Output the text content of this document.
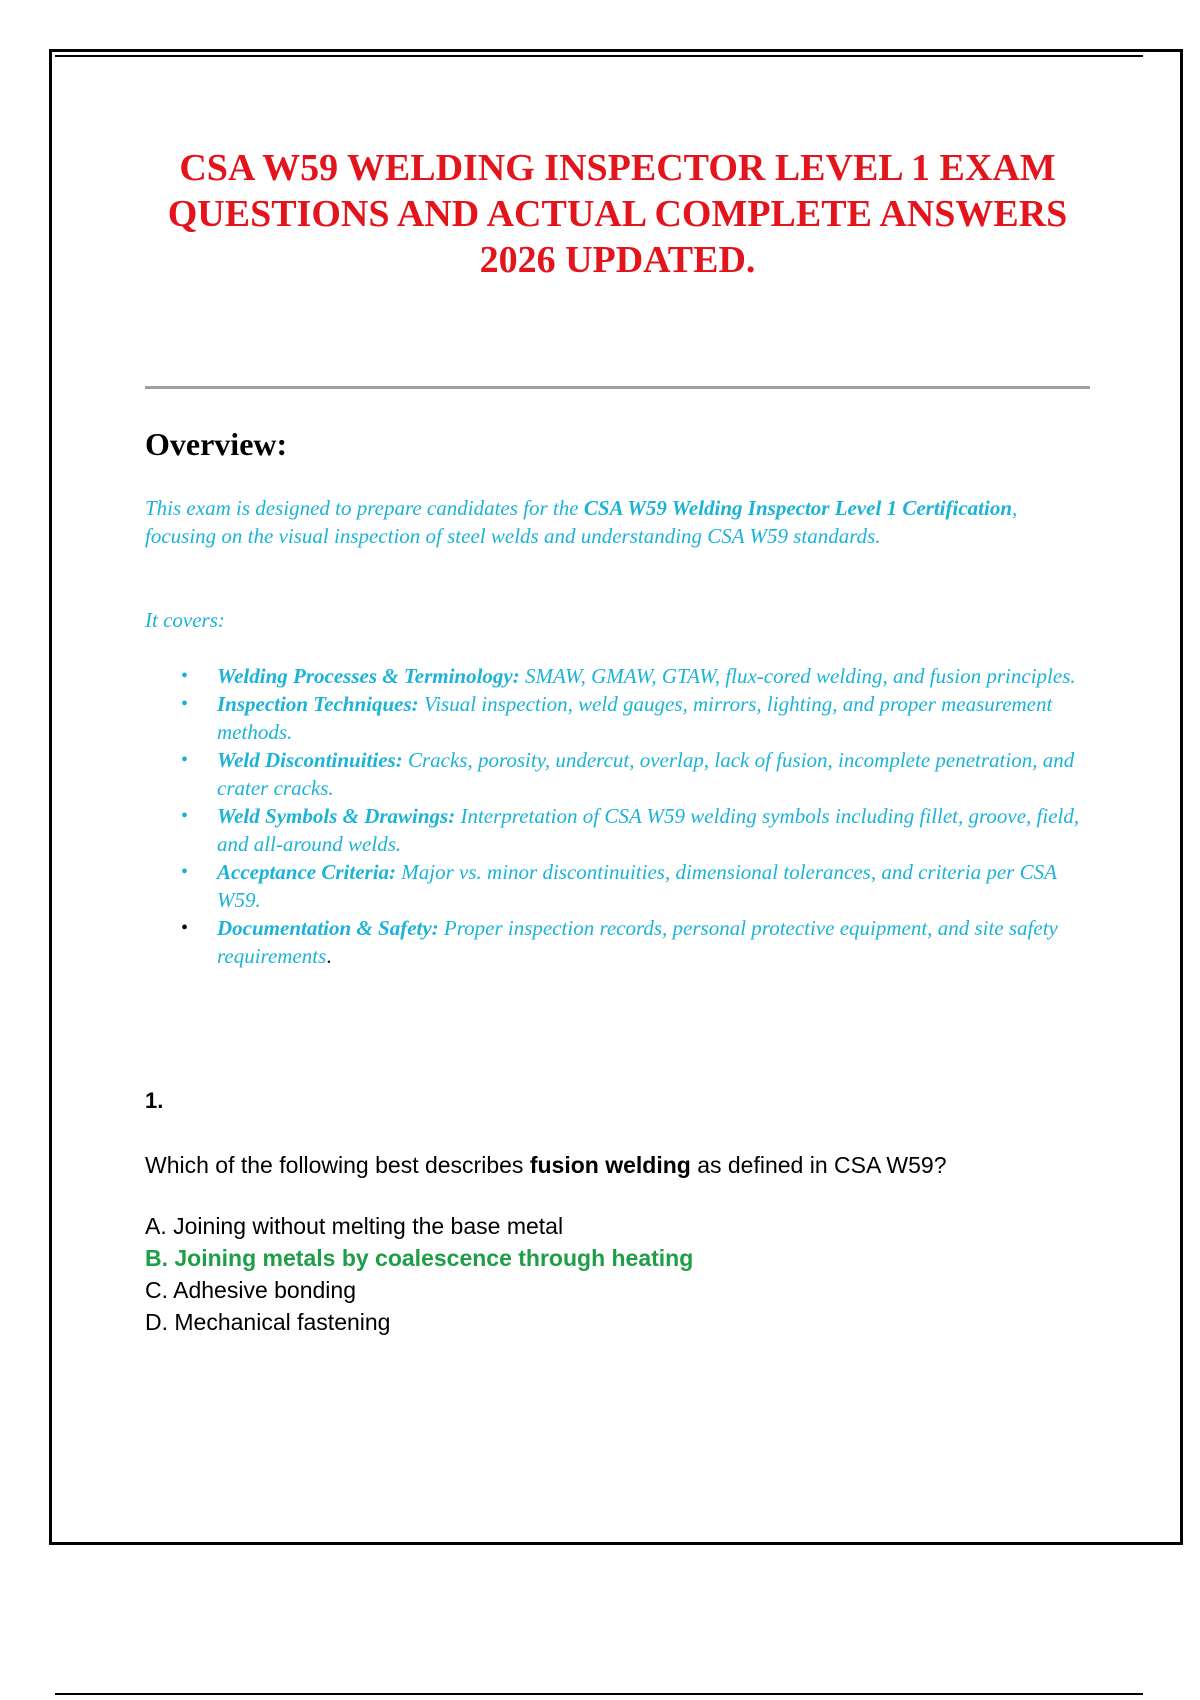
CSA W59 WELDING INSPECTOR LEVEL 1 EXAM QUESTIONS AND ACTUAL COMPLETE ANSWERS 2026 UPDATED.
Overview:

This exam is designed to prepare candidates for the CSA W59 Welding Inspector Level 1 Certification, focusing on the visual inspection of steel welds and understanding CSA W59 standards.

It covers:

• Welding Processes & Terminology: SMAW, GMAW, GTAW, flux-cored welding, and fusion principles.
• Inspection Techniques: Visual inspection, weld gauges, mirrors, lighting, and proper measurement methods.
• Weld Discontinuities: Cracks, porosity, undercut, overlap, lack of fusion, incomplete penetration, and crater cracks.
• Weld Symbols & Drawings: Interpretation of CSA W59 welding symbols including fillet, groove, field, and all-around welds.
• Acceptance Criteria: Major vs. minor discontinuities, dimensional tolerances, and criteria per CSA W59.
• Documentation & Safety: Proper inspection records, personal protective equipment, and site safety requirements.

1.

Which of the following best describes fusion welding as defined in CSA W59?

A. Joining without melting the base metal
B. Joining metals by coalescence through heating
C. Adhesive bonding
D. Mechanical fastening
